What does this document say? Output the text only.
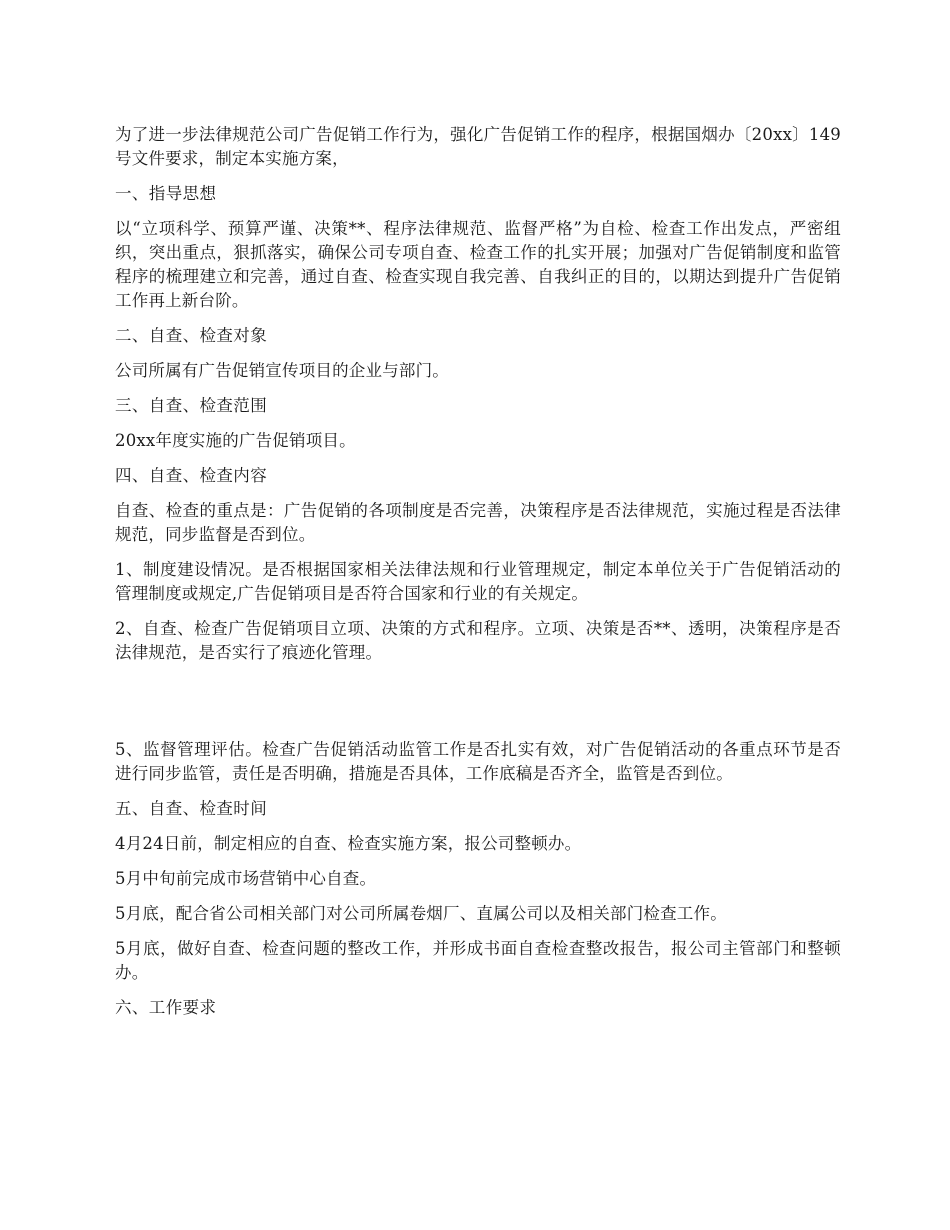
为了进一步法律规范公司广告促销工作行为，强化广告促销工作的程序，根据国烟办〔20xx〕149号文件要求，制定本实施方案，

一、指导思想

以“立项科学、预算严谨、决策**、程序法律规范、监督严格”为自检、检查工作出发点，严密组织，突出重点，狠抓落实，确保公司专项自查、检查工作的扎实开展；加强对广告促销制度和监管程序的梳理建立和完善，通过自查、检查实现自我完善、自我纠正的目的，以期达到提升广告促销工作再上新台阶。

二、自查、检查对象

公司所属有广告促销宣传项目的企业与部门。

三、自查、检查范围

20xx年度实施的广告促销项目。

四、自查、检查内容

自查、检查的重点是：广告促销的各项制度是否完善，决策程序是否法律规范，实施过程是否法律规范，同步监督是否到位。

1、制度建设情况。是否根据国家相关法律法规和行业管理规定，制定本单位关于广告促销活动的管理制度或规定,广告促销项目是否符合国家和行业的有关规定。

2、自查、检查广告促销项目立项、决策的方式和程序。立项、决策是否**、透明，决策程序是否法律规范，是否实行了痕迹化管理。

5、监督管理评估。检查广告促销活动监管工作是否扎实有效，对广告促销活动的各重点环节是否进行同步监管，责任是否明确，措施是否具体，工作底稿是否齐全，监管是否到位。

五、自查、检查时间

4月24日前，制定相应的自查、检查实施方案，报公司整顿办。

5月中旬前完成市场营销中心自查。

5月底，配合省公司相关部门对公司所属卷烟厂、直属公司以及相关部门检查工作。

5月底，做好自查、检查问题的整改工作，并形成书面自查检查整改报告，报公司主管部门和整顿办。

六、工作要求
